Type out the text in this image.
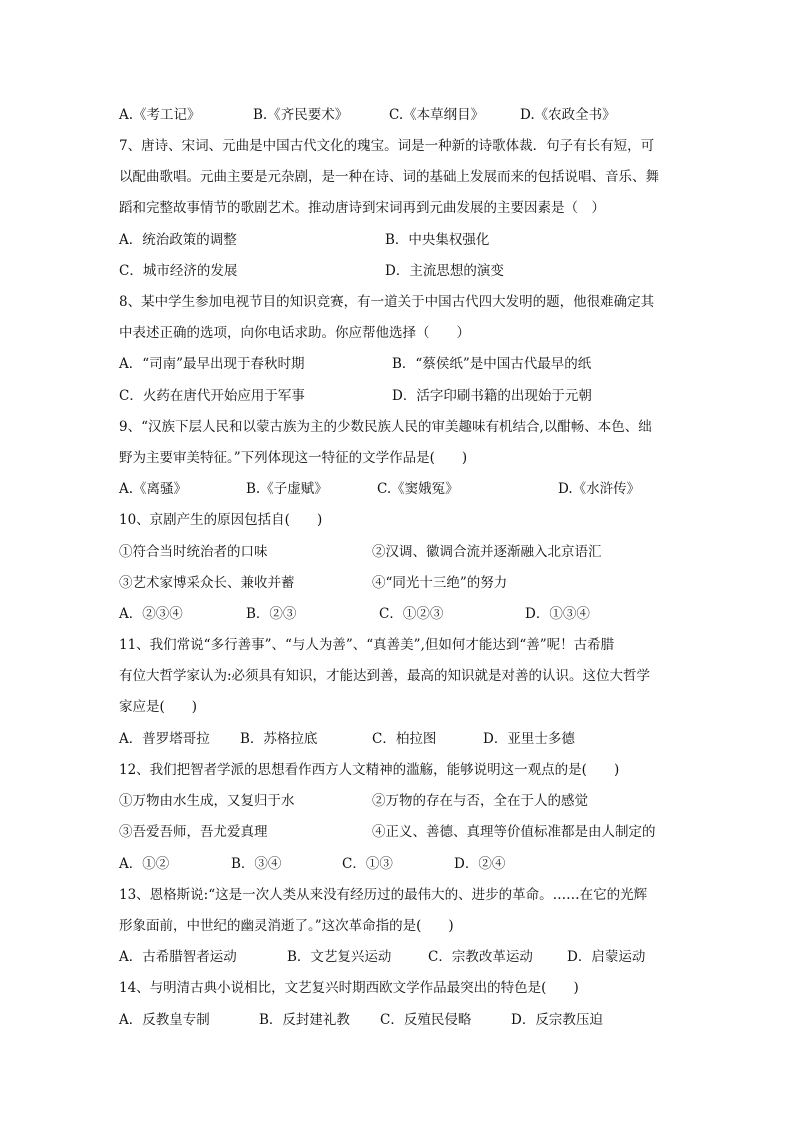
A.《考工记》	B.《齐民要术》	C.《本草纲目》	D.《农政全书》
7、唐诗、宋词、元曲是中国古代文化的瑰宝。词是一种新的诗歌体裁．句子有长有短，可
以配曲歌唱。元曲主要是元杂剧，是一种在诗、词的基础上发展而来的包括说唱、音乐、舞
蹈和完整故事情节的歌剧艺术。推动唐诗到宋词再到元曲发展的主要因素是（　）
A．统治政策的调整	B．中央集权强化
C．城市经济的发展	D．主流思想的演变
8、某中学生参加电视节目的知识竞赛，有一道关于中国古代四大发明的题，他很难确定其
中表述正确的选项，向你电话求助。你应帮他选择（　　）
A．“司南”最早出现于春秋时期	B．“蔡侯纸”是中国古代最早的纸
C．火药在唐代开始应用于军事	D．活字印刷书籍的出现始于元朝
9、“汉族下层人民和以蒙古族为主的少数民族人民的审美趣味有机结合,以酣畅、本色、绌
野为主要审美特征。”下列体现这一特征的文学作品是(　　)
A.《离骚》	B.《子虚赋》	C.《窦娥冤》	D.《水浒传》
10、京剧产生的原因包括自(　　)
①符合当时统治者的口味	②汉调、徽调合流并逐渐融入北京语汇
③艺术家博采众长、兼收并蓄	④“同光十三绝”的努力
A．②③④	B．②③	C．①②③	D．①③④
11、我们常说“多行善事”、“与人为善”、“真善美”,但如何才能达到“善”呢！古希腊
有位大哲学家认为:必须具有知识，才能达到善，最高的知识就是对善的认识。这位大哲学
家应是(　　)
A．普罗塔哥拉 B．苏格拉底	C．柏拉图	D．亚里士多德
12、我们把智者学派的思想看作西方人文精神的滥觞，能够说明这一观点的是(　　)
①万物由水生成，又复归于水	②万物的存在与否，全在于人的感觉
③吾爱吾师，吾尤爱真理	④正义、善德、真理等价值标准都是由人制定的
A．①②	B．③④	C．①③	D．②④
13、恩格斯说:“这是一次人类从来没有经历过的最伟大的、进步的革命。……在它的光辉
形象面前，中世纪的幽灵消逝了。”这次革命指的是(　　)
A．古希腊智者运动	B．文艺复兴运动	C．宗教改革运动	D．启蒙运动
14、与明清古典小说相比，文艺复兴时期西欧文学作品最突出的特色是(　　)
A．反教皇专制	B．反封建礼教 C．反殖民侵略	D．反宗教压迫
